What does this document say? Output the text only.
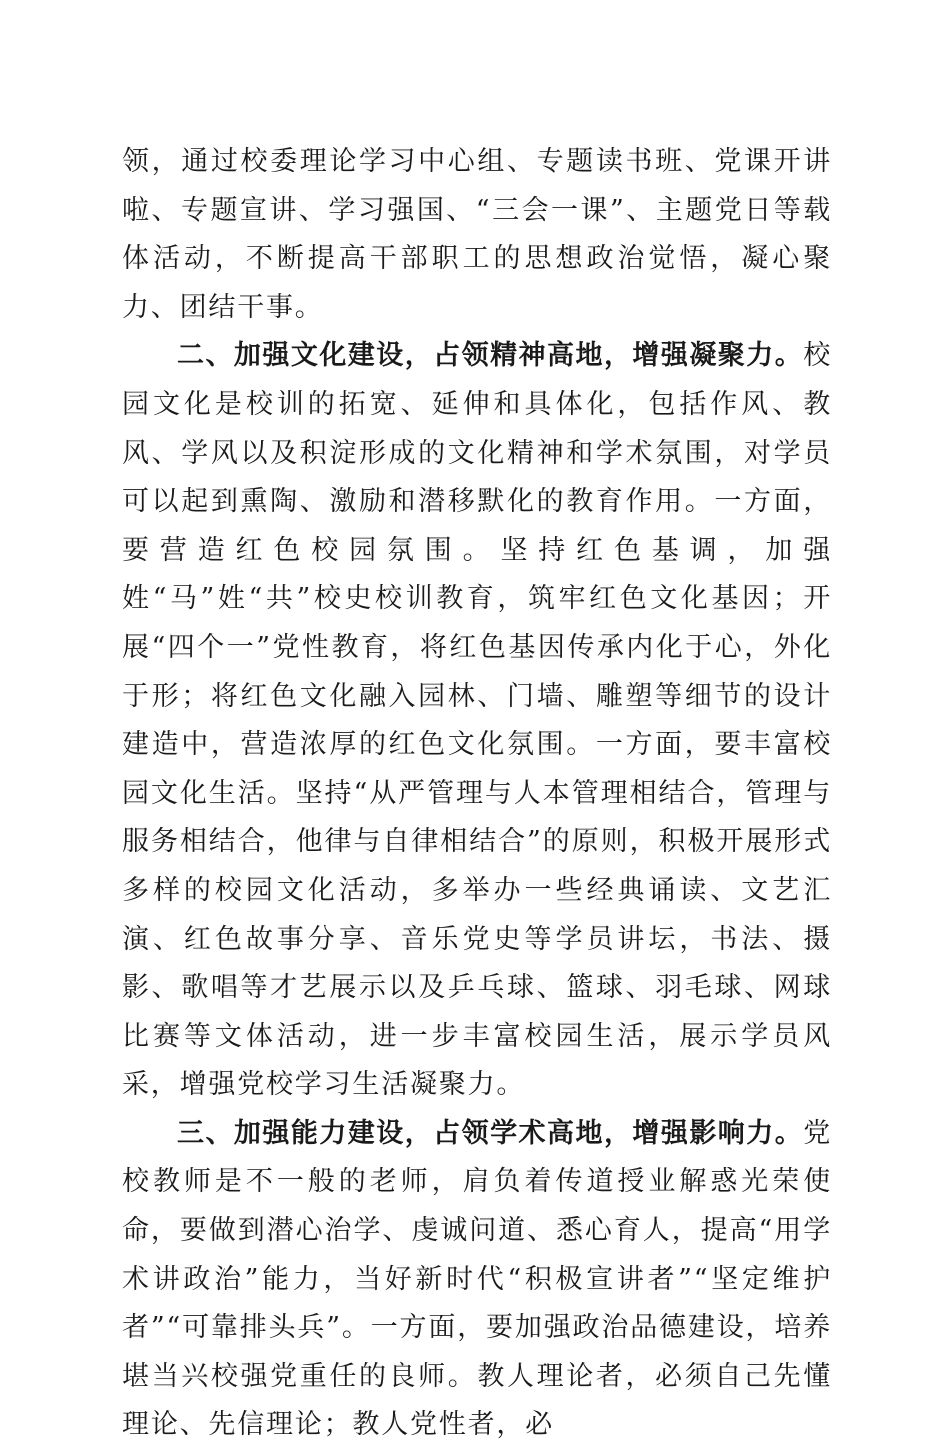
领，通过校委理论学习中心组、专题读书班、党课开讲啦、专题宣讲、学习强国、“三会一课”、主题党日等载体活动，不断提高干部职工的思想政治觉悟，凝心聚力、团结干事。

二、加强文化建设，占领精神高地，增强凝聚力。校园文化是校训的拓宽、延伸和具体化，包括作风、教风、学风以及积淀形成的文化精神和学术氛围，对学员可以起到熏陶、激励和潜移默化的教育作用。一方面，要营造红色校园氛围。坚持红色基调，加强姓“马”姓“共”校史校训教育，筑牢红色文化基因；开展“四个一”党性教育，将红色基因传承内化于心，外化于形；将红色文化融入园林、门墙、雕塑等细节的设计建造中，营造浓厚的红色文化氛围。一方面，要丰富校园文化生活。坚持“从严管理与人本管理相结合，管理与服务相结合，他律与自律相结合”的原则，积极开展形式多样的校园文化活动，多举办一些经典诵读、文艺汇演、红色故事分享、音乐党史等学员讲坛，书法、摄影、歌唱等才艺展示以及乒乓球、篮球、羽毛球、网球比赛等文体活动，进一步丰富校园生活，展示学员风采，增强党校学习生活凝聚力。

三、加强能力建设，占领学术高地，增强影响力。党校教师是不一般的老师，肩负着传道授业解惑光荣使命，要做到潜心治学、虔诚问道、悉心育人，提高“用学术讲政治”能力，当好新时代“积极宣讲者”“坚定维护者”“可靠排头兵”。一方面，要加强政治品德建设，培养堪当兴校强党重任的良师。教人理论者，必须自己先懂理论、先信理论；教人党性者，必
